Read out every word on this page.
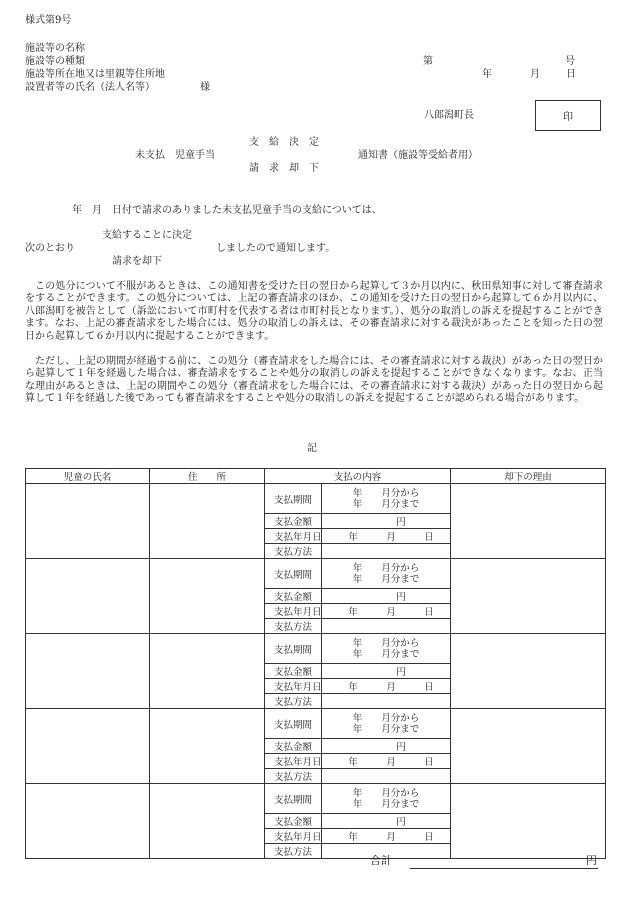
様式第9号
施設等の名称
施設等の種類
施設等所在地又は里親等住所地
設置者等の氏名（法人名等）	様
第	号
年	月	日
八郎潟町長	印
支　給　決　定
未支払　児童手当	通知書（施設等受給者用）
請　求　却　下
年　月　日付で請求のありました未支払児童手当の支給については、
支給することに決定
次のとおり	しましたので通知します。
請求を却下
この処分について不服があるときは、この通知書を受けた日の翌日から起算して３か月以内に、秋田県知事に対して審査請求をすることができます。この処分については、上記の審査請求のほか、この通知を受けた日の翌日から起算して６か月以内に、八郎潟町を被告として（訴訟において市町村を代表する者は市町村長となります。）、処分の取消しの訴えを提起することができます。なお、上記の審査請求をした場合には、処分の取消しの訴えは、その審査請求に対する裁決があったことを知った日の翌日から起算して６か月以内に提起することができます。
ただし、上記の期間が経過する前に、この処分（審査請求をした場合には、その審査請求に対する裁決）があった日の翌日から起算して１年を経過した場合は、審査請求をすることや処分の取消しの訴えを提起することができなくなります。なお、正当な理由があるときは、上記の期間やこの処分（審査請求をした場合には、その審査請求に対する裁決）があった日の翌日から起算して１年を経過した後であっても審査請求をすることや処分の取消しの訴えを提起することが認められる場合があります。
記
児童の氏名	住　　所	支払の内容		却下の理由
		支払期間	年　　月分から
年　　月分まで	

		支払金額	円	
		支払年月日	年　　　月　　　日	
		支払方法		
		支払期間	年　　月分から
年　　月分まで	

		支払金額	円	
		支払年月日	年　　　月　　　日	
		支払方法		
		支払期間	年　　月分から
年　　月分まで	

		支払金額	円	
		支払年月日	年　　　月　　　日	
		支払方法		
		支払期間	年　　月分から
年　　月分まで	

		支払金額	円	
		支払年月日	年　　　月　　　日	
		支払方法		
		支払期間	年　　月分から
年　　月分まで	

		支払金額	円	
		支払年月日	年　　　月　　　日	
		支払方法		
合計	円
